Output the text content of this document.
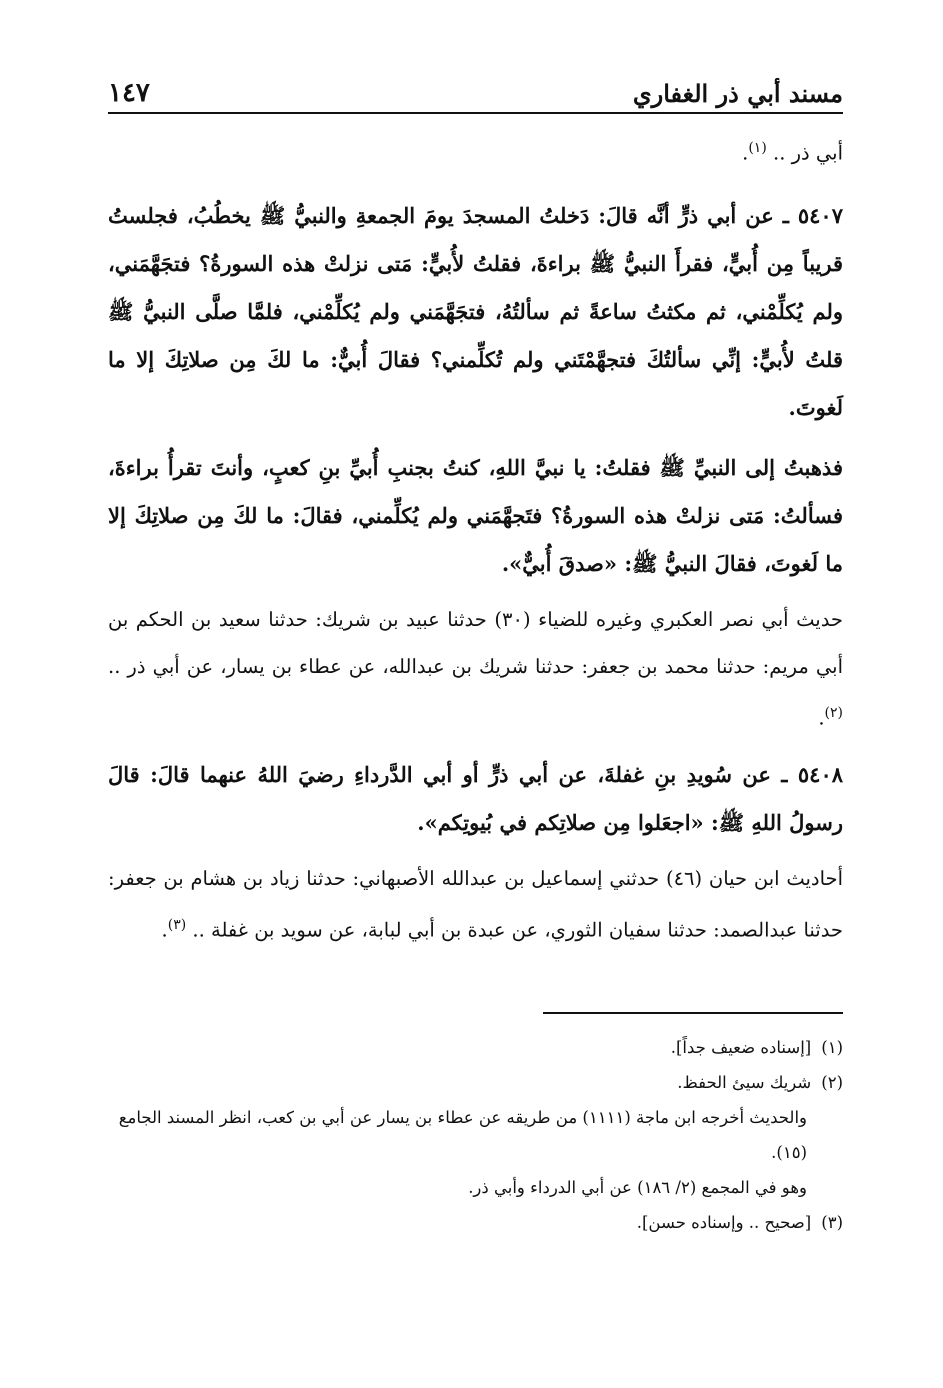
مسند أبي ذر الغفاري
١٤٧

أبي ذر .. $^{(١)}$.

٥٤٠٧ ـ عن أبي ذرٍّ أنَّه قالَ: دَخلتُ المسجدَ يومَ الجمعةِ والنبيُّ ﷺ يخطُبُ، فجلستُ قريباً مِن أُبيٍّ، فقرأَ النبيُّ ﷺ براءةَ، فقلتُ لأُبيٍّ: مَتى نزلتْ هذه السورةُ؟ فتجَهَّمَني، ولم يُكلِّمْني، ثم مكثتُ ساعةً ثم سألتُهُ، فتجَهَّمَني ولم يُكلِّمْني، فلمَّا صلَّى النبيُّ ﷺ قلتُ لأُبيٍّ: إنِّي سألتُكَ فتجهَّمْتَني ولم تُكلِّمني؟ فقالَ أُبيٌّ: ما لكَ مِن صلاتِكَ إلا ما لَغوتَ.

فذهبتُ إلى النبيِّ ﷺ فقلتُ: يا نبيَّ اللهِ، كنتُ بجنبِ أُبيِّ بنِ كعبٍ، وأنتَ تقرأُ براءةَ، فسألتُ: مَتى نزلتْ هذه السورةُ؟ فتَجهَّمَني ولم يُكلِّمني، فقالَ: ما لكَ مِن صلاتِكَ إلا ما لَغوتَ، فقالَ النبيُّ ﷺ: «صدقَ أُبيٌّ».

حديث أبي نصر العكبري وغيره للضياء (٣٠) حدثنا عبيد بن شريك: حدثنا سعيد بن الحكم بن أبي مريم: حدثنا محمد بن جعفر: حدثنا شريك بن عبدالله، عن عطاء بن يسار، عن أبي ذر .. $^{(٢)}$.

٥٤٠٨ ـ عن سُويدِ بنِ غفلةَ، عن أبي ذرٍّ أو أبي الدَّرداءِ رضيَ اللهُ عنهما قالَ: قالَ رسولُ اللهِ ﷺ: «اجعَلوا مِن صلاتِكم في بُيوتِكم».

أحاديث ابن حيان (٤٦) حدثني إسماعيل بن عبدالله الأصبهاني: حدثنا زياد بن هشام بن جعفر: حدثنا عبدالصمد: حدثنا سفيان الثوري، عن عبدة بن أبي لبابة، عن سويد بن غفلة .. $^{(٣)}$.

(١)
[إسناده ضعيف جداً].
(٢)
شريك سيئ الحفظ.
والحديث أخرجه ابن ماجة (١١١١) من طريقه عن عطاء بن يسار عن أبي بن كعب، انظر المسند الجامع (١٥).
وهو في المجمع (٢/ ١٨٦) عن أبي الدرداء وأبي ذر.
(٣)
[صحيح .. وإسناده حسن].
